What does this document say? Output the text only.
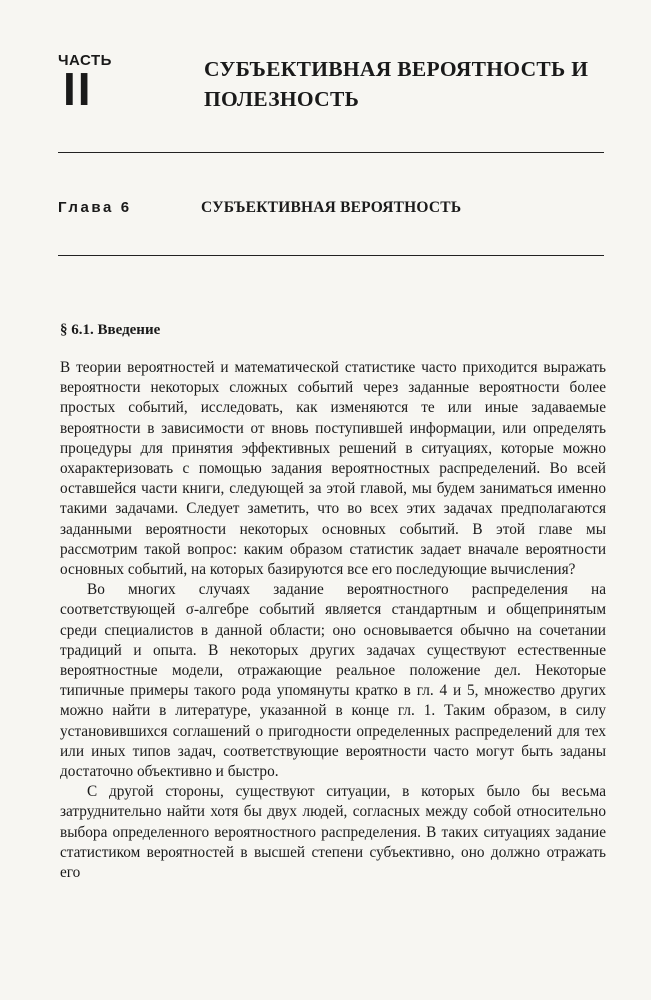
ЧАСТЬ
II	СУБЪЕКТИВНАЯ ВЕРОЯТНОСТЬ И ПОЛЕЗНОСТЬ
Глава 6	СУБЪЕКТИВНАЯ ВЕРОЯТНОСТЬ
§ 6.1. Введение

В теории вероятностей и математической статистике часто приходится выражать вероятности некоторых сложных событий через заданные вероятности более простых событий, исследовать, как изменяются те или иные задаваемые вероятности в зависимости от вновь поступившей информации, или определять процедуры для принятия эффективных решений в ситуациях, которые можно охарактеризовать с помощью задания вероятностных распределений. Во всей оставшейся части книги, следующей за этой главой, мы будем заниматься именно такими задачами. Следует заметить, что во всех этих задачах предполагаются заданными вероятности некоторых основных событий. В этой главе мы рассмотрим такой вопрос: каким образом статистик задает вначале вероятности основных событий, на которых базируются все его последующие вычисления?

Во многих случаях задание вероятностного распределения на соответствующей σ-алгебре событий является стандартным и общепринятым среди специалистов в данной области; оно основывается обычно на сочетании традиций и опыта. В некоторых других задачах существуют естественные вероятностные модели, отражающие реальное положение дел. Некоторые типичные примеры такого рода упомянуты кратко в гл. 4 и 5, множество других можно найти в литературе, указанной в конце гл. 1. Таким образом, в силу установившихся соглашений о пригодности определенных распределений для тех или иных типов задач, соответствующие вероятности часто могут быть заданы достаточно объективно и быстро.

С другой стороны, существуют ситуации, в которых было бы весьма затруднительно найти хотя бы двух людей, согласных между собой относительно выбора определенного вероятностного распределения. В таких ситуациях задание статистиком вероятностей в высшей степени субъективно, оно должно отражать его
